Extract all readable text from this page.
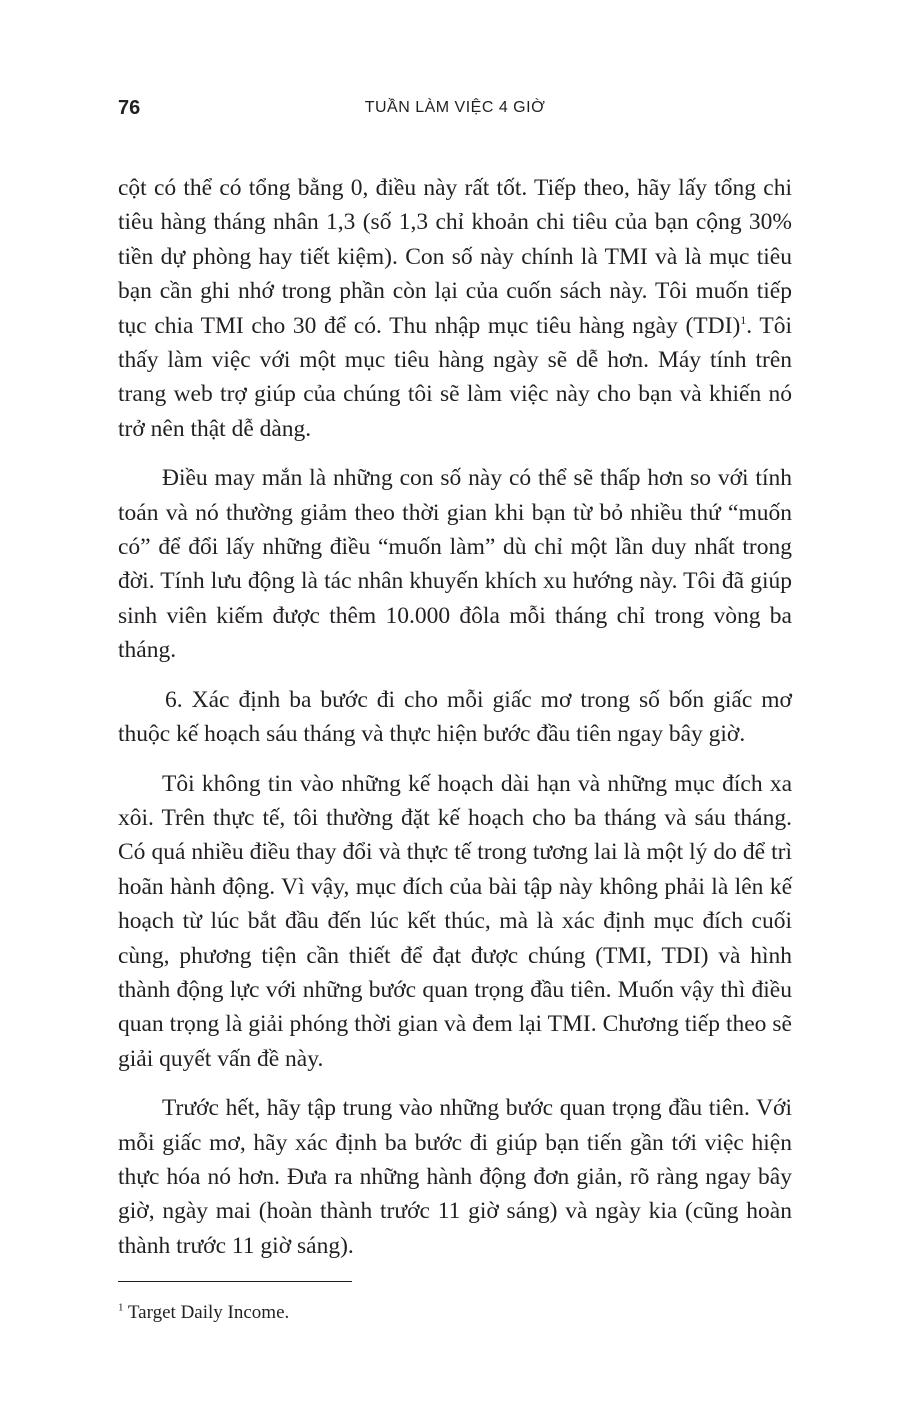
76	TUẦN LÀM VIỆC 4 GIỜ

cột có thể có tổng bằng 0, điều này rất tốt. Tiếp theo, hãy lấy tổng chi tiêu hàng tháng nhân 1,3 (số 1,3 chỉ khoản chi tiêu của bạn cộng 30% tiền dự phòng hay tiết kiệm). Con số này chính là TMI và là mục tiêu bạn cần ghi nhớ trong phần còn lại của cuốn sách này. Tôi muốn tiếp tục chia TMI cho 30 để có. Thu nhập mục tiêu hàng ngày (TDI)$^1$. Tôi thấy làm việc với một mục tiêu hàng ngày sẽ dễ hơn. Máy tính trên trang web trợ giúp của chúng tôi sẽ làm việc này cho bạn và khiến nó trở nên thật dễ dàng.

Điều may mắn là những con số này có thể sẽ thấp hơn so với tính toán và nó thường giảm theo thời gian khi bạn từ bỏ nhiều thứ “muốn có” để đổi lấy những điều “muốn làm” dù chỉ một lần duy nhất trong đời. Tính lưu động là tác nhân khuyến khích xu hướng này. Tôi đã giúp sinh viên kiếm được thêm 10.000 đôla mỗi tháng chỉ trong vòng ba tháng.

6. Xác định ba bước đi cho mỗi giấc mơ trong số bốn giấc mơ thuộc kế hoạch sáu tháng và thực hiện bước đầu tiên ngay bây giờ.

Tôi không tin vào những kế hoạch dài hạn và những mục đích xa xôi. Trên thực tế, tôi thường đặt kế hoạch cho ba tháng và sáu tháng. Có quá nhiều điều thay đổi và thực tế trong tương lai là một lý do để trì hoãn hành động. Vì vậy, mục đích của bài tập này không phải là lên kế hoạch từ lúc bắt đầu đến lúc kết thúc, mà là xác định mục đích cuối cùng, phương tiện cần thiết để đạt được chúng (TMI, TDI) và hình thành động lực với những bước quan trọng đầu tiên. Muốn vậy thì điều quan trọng là giải phóng thời gian và đem lại TMI. Chương tiếp theo sẽ giải quyết vấn đề này.

Trước hết, hãy tập trung vào những bước quan trọng đầu tiên. Với mỗi giấc mơ, hãy xác định ba bước đi giúp bạn tiến gần tới việc hiện thực hóa nó hơn. Đưa ra những hành động đơn giản, rõ ràng ngay bây giờ, ngày mai (hoàn thành trước 11 giờ sáng) và ngày kia (cũng hoàn thành trước 11 giờ sáng).

$^1$ Target Daily Income.
